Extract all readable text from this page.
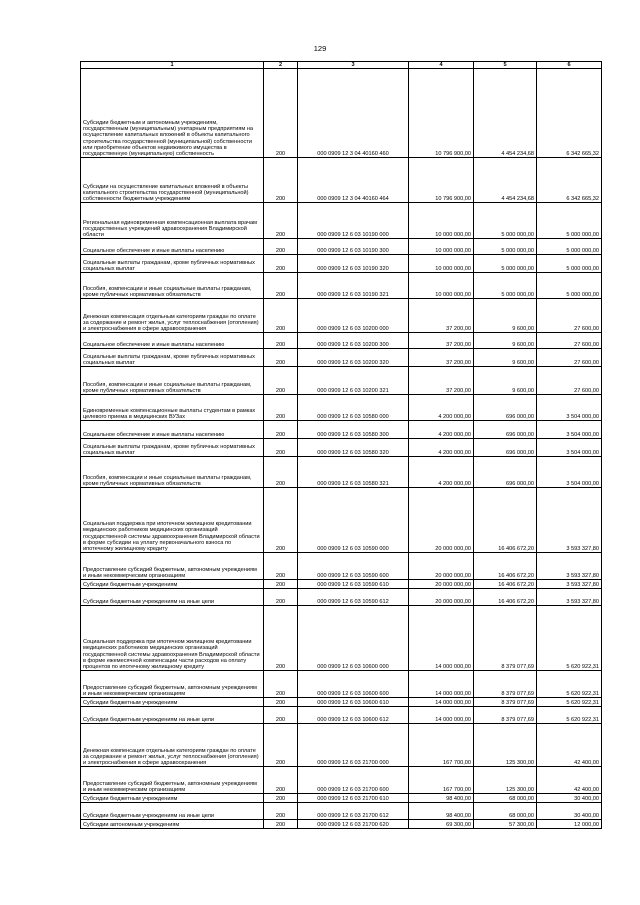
129
1	2	3	4	5	6
Субсидии бюджетным и автономным учреждениям, государственным (муниципальным) унитарным предприятиям на осуществление капитальных вложений в объекты капитального строительства государственной (муниципальной) собственности или приобретение объектов недвижимого имущества в государственную (муниципальную) собственность	200	000 0909 12 3 04 40160 460	10 796 900,00	4 454 234,68	6 342 665,32
Субсидии на осуществление капитальных вложений в объекты капитального строительства государственной (муниципальной) собственности бюджетным учреждениям	200	000 0909 12 3 04 40160 464	10 796 900,00	4 454 234,68	6 342 665,32
Региональная единовременная компенсационная выплата врачам государственных учреждений здравоохранения Владимирской области	200	000 0909 12 6 03 10190 000	10 000 000,00	5 000 000,00	5 000 000,00
Социальное обеспечение и иные выплаты населению	200	000 0909 12 6 03 10190 300	10 000 000,00	5 000 000,00	5 000 000,00
Социальные выплаты гражданам, кроме публичных нормативных социальных выплат	200	000 0909 12 6 03 10190 320	10 000 000,00	5 000 000,00	5 000 000,00
Пособия, компенсации и иные социальные выплаты гражданам, кроме публичных нормативных обязательств	200	000 0909 12 6 03 10190 321	10 000 000,00	5 000 000,00	5 000 000,00
Денежная компенсация отдельным категориям граждан по оплате за содержание и ремонт жилья, услуг теплоснабжения (отопления) и электроснабжения в сфере здравоохранения	200	000 0909 12 6 03 10200 000	37 200,00	9 600,00	27 600,00
Социальное обеспечение и иные выплаты населению	200	000 0909 12 6 03 10200 300	37 200,00	9 600,00	27 600,00
Социальные выплаты гражданам, кроме публичных нормативных социальных выплат	200	000 0909 12 6 03 10200 320	37 200,00	9 600,00	27 600,00
Пособия, компенсации и иные социальные выплаты гражданам, кроме публичных нормативных обязательств	200	000 0909 12 6 03 10200 321	37 200,00	9 600,00	27 600,00
Единовременные компенсационные выплаты студентам в рамках целевого приема в медицинских ВУЗах	200	000 0909 12 6 03 10580 000	4 200 000,00	696 000,00	3 504 000,00
Социальное обеспечение и иные выплаты населению	200	000 0909 12 6 03 10580 300	4 200 000,00	696 000,00	3 504 000,00
Социальные выплаты гражданам, кроме публичных нормативных социальных выплат	200	000 0909 12 6 03 10580 320	4 200 000,00	696 000,00	3 504 000,00
Пособия, компенсации и иные социальные выплаты гражданам, кроме публичных нормативных обязательств	200	000 0909 12 6 03 10580 321	4 200 000,00	696 000,00	3 504 000,00
Социальная поддержка при ипотечном жилищном кредитовании медицинских работников медицинских организаций государственной системы здравоохранения Владимирской области в форме субсидии на уплату первоначального взноса по ипотечному жилищному кредиту	200	000 0909 12 6 03 10590 000	20 000 000,00	16 406 672,20	3 593 327,80
Предоставление субсидий бюджетным, автономным учреждениям и иным некоммерческим организациям	200	000 0909 12 6 03 10590 600	20 000 000,00	16 406 672,20	3 593 327,80
Субсидии бюджетным учреждениям	200	000 0909 12 6 03 10590 610	20 000 000,00	16 406 672,20	3 593 327,80
Субсидии бюджетным учреждениям на иные цели	200	000 0909 12 6 03 10590 612	20 000 000,00	16 406 672,20	3 593 327,80
Социальная поддержка при ипотечном жилищном кредитовании медицинских работников медицинских организаций государственной системы здравоохранения Владимирской области в форме ежемесячной компенсации части расходов на оплату процентов по ипотечному жилищному кредиту	200	000 0909 12 6 03 10600 000	14 000 000,00	8 379 077,69	5 620 922,31
Предоставление субсидий бюджетным, автономным учреждениям и иным некоммерческим организациям	200	000 0909 12 6 03 10600 600	14 000 000,00	8 379 077,69	5 620 922,31
Субсидии бюджетным учреждениям	200	000 0909 12 6 03 10600 610	14 000 000,00	8 379 077,69	5 620 922,31
Субсидии бюджетным учреждениям на иные цели	200	000 0909 12 6 03 10600 612	14 000 000,00	8 379 077,69	5 620 922,31
Денежная компенсация отдельным категориям граждан по оплате за содержание и ремонт жилья, услуг теплоснабжения (отопления) и электроснабжения в сфере здравоохранения	200	000 0909 12 6 03 21700 000	167 700,00	125 300,00	42 400,00
Предоставление субсидий бюджетным, автономным учреждениям и иным некоммерческим организациям	200	000 0909 12 6 03 21700 600	167 700,00	125 300,00	42 400,00
Субсидии бюджетным учреждениям	200	000 0909 12 6 03 21700 610	98 400,00	68 000,00	30 400,00
Субсидии бюджетным учреждениям на иные цели	200	000 0909 12 6 03 21700 612	98 400,00	68 000,00	30 400,00
Субсидии автономным учреждениям	200	000 0909 12 6 03 21700 620	69 300,00	57 300,00	12 000,00
